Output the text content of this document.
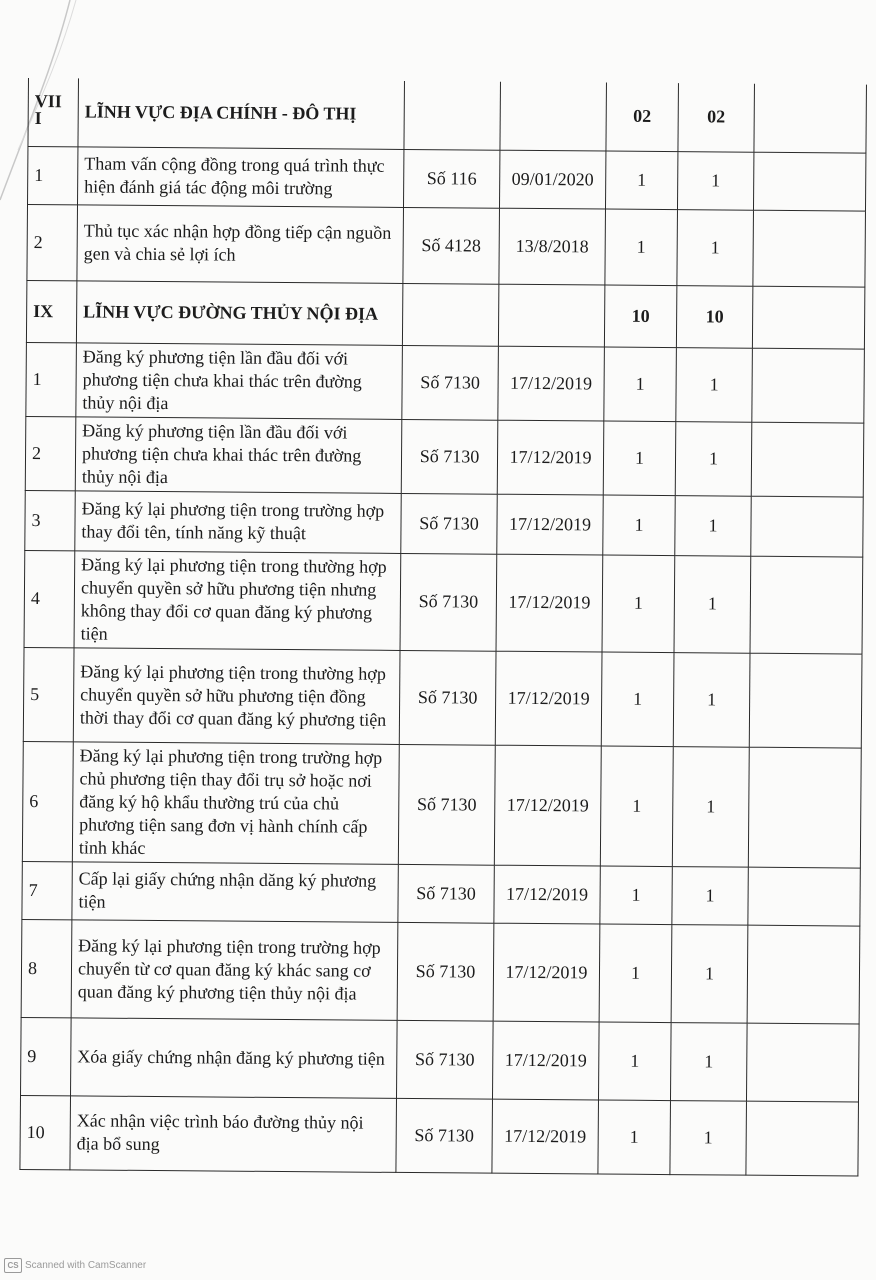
VIII	LĨNH VỰC ĐỊA CHÍNH - ĐÔ THỊ			02	02	
1	Tham vấn cộng đồng trong quá trình thực hiện đánh giá tác động môi trường	Số 116	09/01/2020	1	1	
2	Thủ tục xác nhận hợp đồng tiếp cận nguồn gen và chia sẻ lợi ích	Số 4128	13/8/2018	1	1	
IX	LĨNH VỰC ĐƯỜNG THỦY NỘI ĐỊA			10	10	
1	Đăng ký phương tiện lần đầu đối với phương tiện chưa khai thác trên đường thủy nội địa	Số 7130	17/12/2019	1	1	
2	Đăng ký phương tiện lần đầu đối với phương tiện chưa khai thác trên đường thủy nội địa	Số 7130	17/12/2019	1	1	
3	Đăng ký lại phương tiện trong trường hợp thay đổi tên, tính năng kỹ thuật	Số 7130	17/12/2019	1	1	
4	Đăng ký lại phương tiện trong thường hợp chuyển quyền sở hữu phương tiện nhưng không thay đổi cơ quan đăng ký phương tiện	Số 7130	17/12/2019	1	1	
5	Đăng ký lại phương tiện trong thường hợp chuyển quyền sở hữu phương tiện đồng thời thay đổi cơ quan đăng ký phương tiện	Số 7130	17/12/2019	1	1	
6	Đăng ký lại phương tiện trong trường hợp chủ phương tiện thay đổi trụ sở hoặc nơi đăng ký hộ khẩu thường trú của chủ phương tiện sang đơn vị hành chính cấp tỉnh khác	Số 7130	17/12/2019	1	1	
7	Cấp lại giấy chứng nhận dăng ký phương tiện	Số 7130	17/12/2019	1	1	
8	Đăng ký lại phương tiện trong trường hợp chuyển từ cơ quan đăng ký khác sang cơ quan đăng ký phương tiện thủy nội địa	Số 7130	17/12/2019	1	1	
9	Xóa giấy chứng nhận đăng ký phương tiện	Số 7130	17/12/2019	1	1	
10	Xác nhận việc trình báo đường thủy nội địa bổ sung	Số 7130	17/12/2019	1	1	
CS Scanned with CamScanner
